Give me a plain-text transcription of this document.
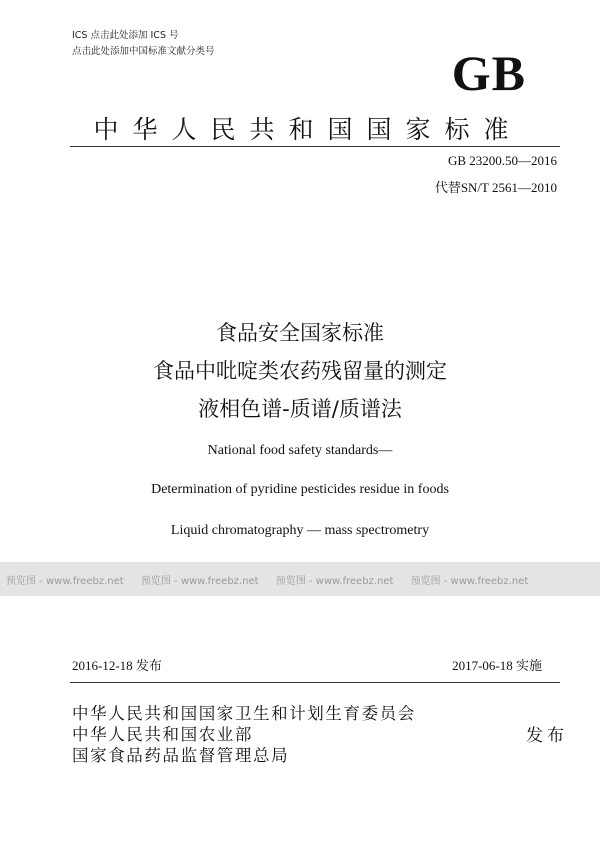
ICS 点击此处添加 ICS 号
点击此处添加中国标准文献分类号	GB
中华人民共和国国家标准
GB 23200.50—2016
代替SN/T 2561—2010
食品安全国家标准
食品中吡啶类农药残留量的测定
液相色谱-质谱/质谱法
National food safety standards—
Determination of pyridine pesticides residue in foods
Liquid chromatography — mass spectrometry
预览图 - www.freebz.net 预览图 - www.freebz.net 预览图 - www.freebz.net 预览图 - www.freebz.net
2016-12-18 发布	2017-06-18 实施
中华人民共和国国家卫生和计划生育委员会
中华人民共和国农业部
国家食品药品监督管理总局
发布
